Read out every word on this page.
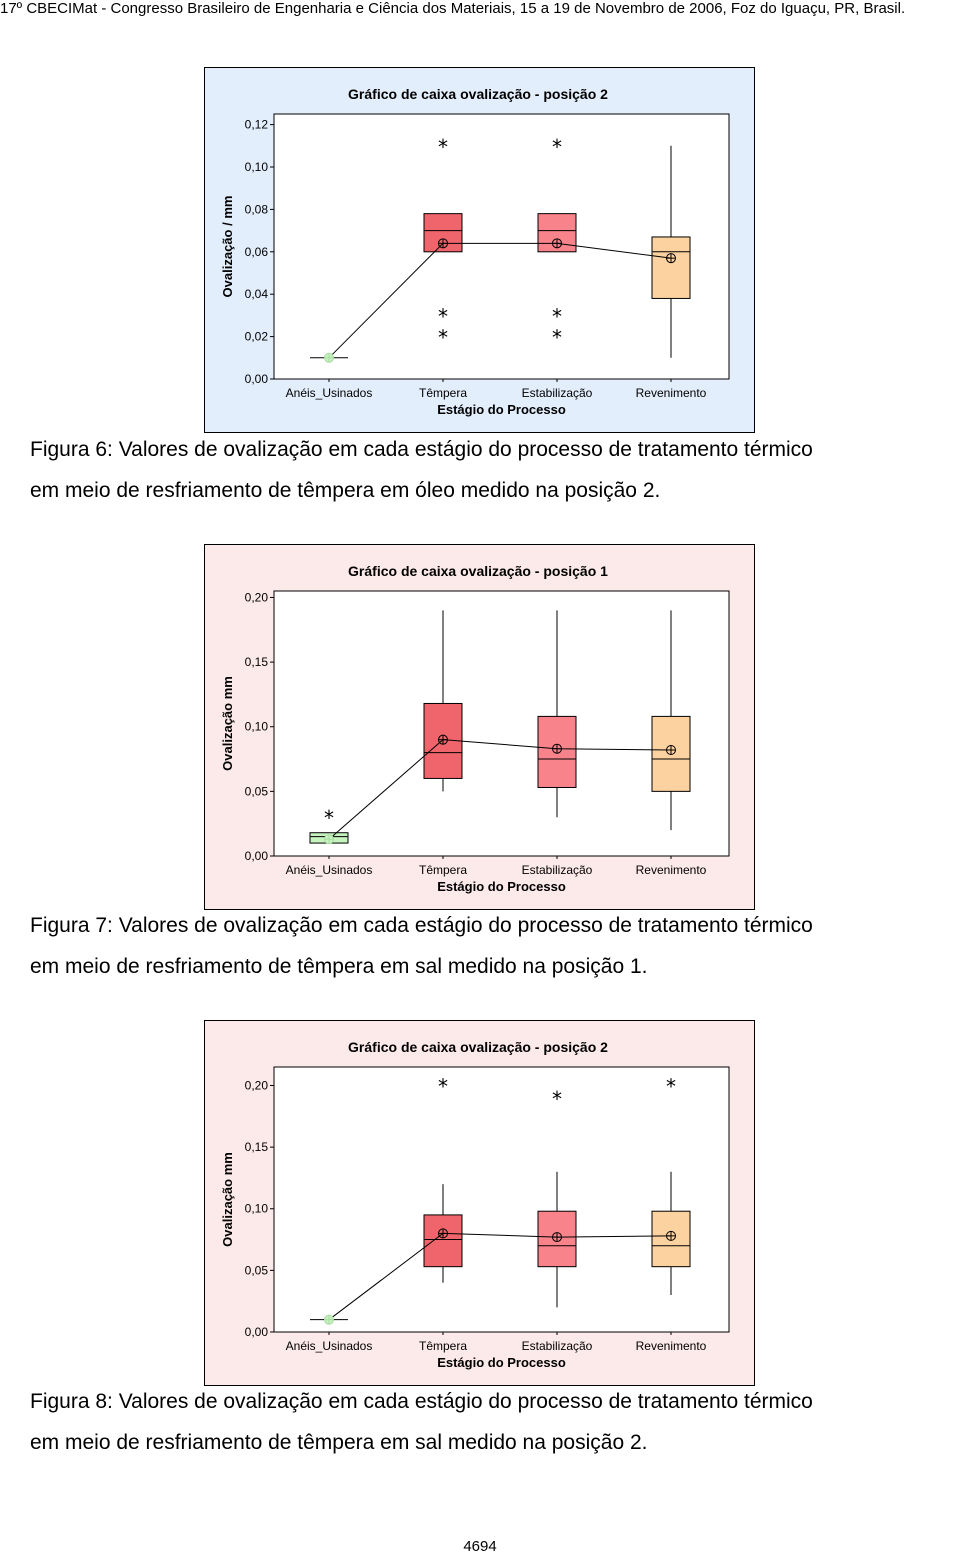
17º CBECIMat - Congresso Brasileiro de Engenharia e Ciência dos Materiais, 15 a 19 de Novembro de 2006, Foz do Iguaçu, PR, Brasil.
Gráfico de caixa ovalização - posição 2
0,00
0,02
0,04
0,06
0,08
0,10
0,12
Ovalização / mm
Anéis_Usinados	Têmpera	Estabilização	Revenimento
Estágio do Processo
*
*
*
*
*
*
Figura 6: Valores de ovalização em cada estágio do processo de tratamento térmico
em meio de resfriamento de têmpera em óleo medido na posição 2.
Gráfico de caixa ovalização - posição 1
0,00
0,05
0,10
0,15
0,20
Ovalização mm
Anéis_Usinados	Têmpera	Estabilização	Revenimento
Estágio do Processo
*
Figura 7: Valores de ovalização em cada estágio do processo de tratamento térmico
em meio de resfriamento de têmpera em sal medido na posição 1.
Gráfico de caixa ovalização - posição 2
0,00
0,05
0,10
0,15
0,20
Ovalização mm
Anéis_Usinados	Têmpera	Estabilização	Revenimento
Estágio do Processo
*
*
*
Figura 8: Valores de ovalização em cada estágio do processo de tratamento térmico
em meio de resfriamento de têmpera em sal medido na posição 2.
4694
